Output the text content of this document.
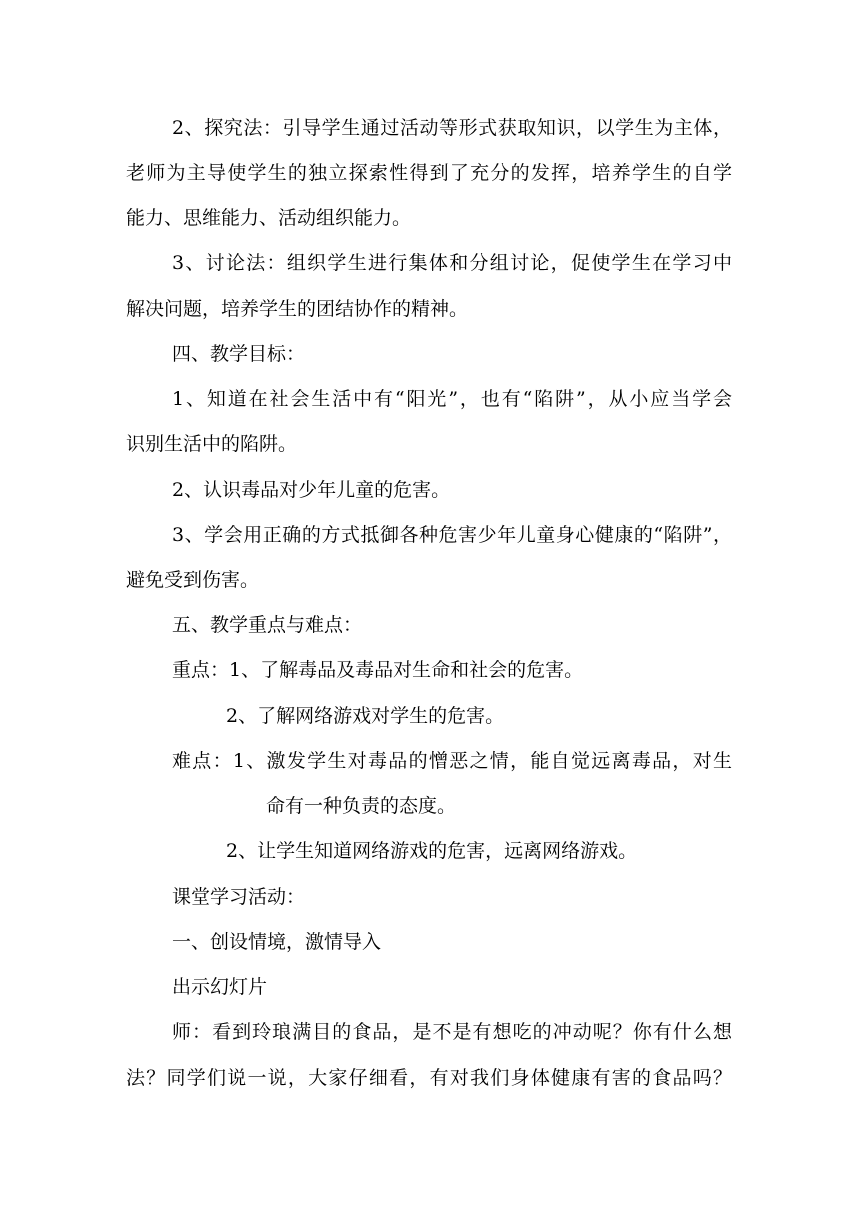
2、探究法：引导学生通过活动等形式获取知识，以学生为主体，
老师为主导使学生的独立探索性得到了充分的发挥，培养学生的自学
能力、思维能力、活动组织能力。
3、讨论法：组织学生进行集体和分组讨论，促使学生在学习中
解决问题，培养学生的团结协作的精神。
四、教学目标：
1、知道在社会生活中有“阳光”，也有“陷阱”，从小应当学会
识别生活中的陷阱。
2、认识毒品对少年儿童的危害。
3、学会用正确的方式抵御各种危害少年儿童身心健康的“陷阱”，
避免受到伤害。
五、教学重点与难点：
重点：1、了解毒品及毒品对生命和社会的危害。
2、了解网络游戏对学生的危害。
难点：1、激发学生对毒品的憎恶之情，能自觉远离毒品，对生
命有一种负责的态度。
2、让学生知道网络游戏的危害，远离网络游戏。
课堂学习活动：
一、创设情境，激情导入
出示幻灯片
师：看到玲琅满目的食品，是不是有想吃的冲动呢？你有什么想
法？同学们说一说，大家仔细看，有对我们身体健康有害的食品吗？
